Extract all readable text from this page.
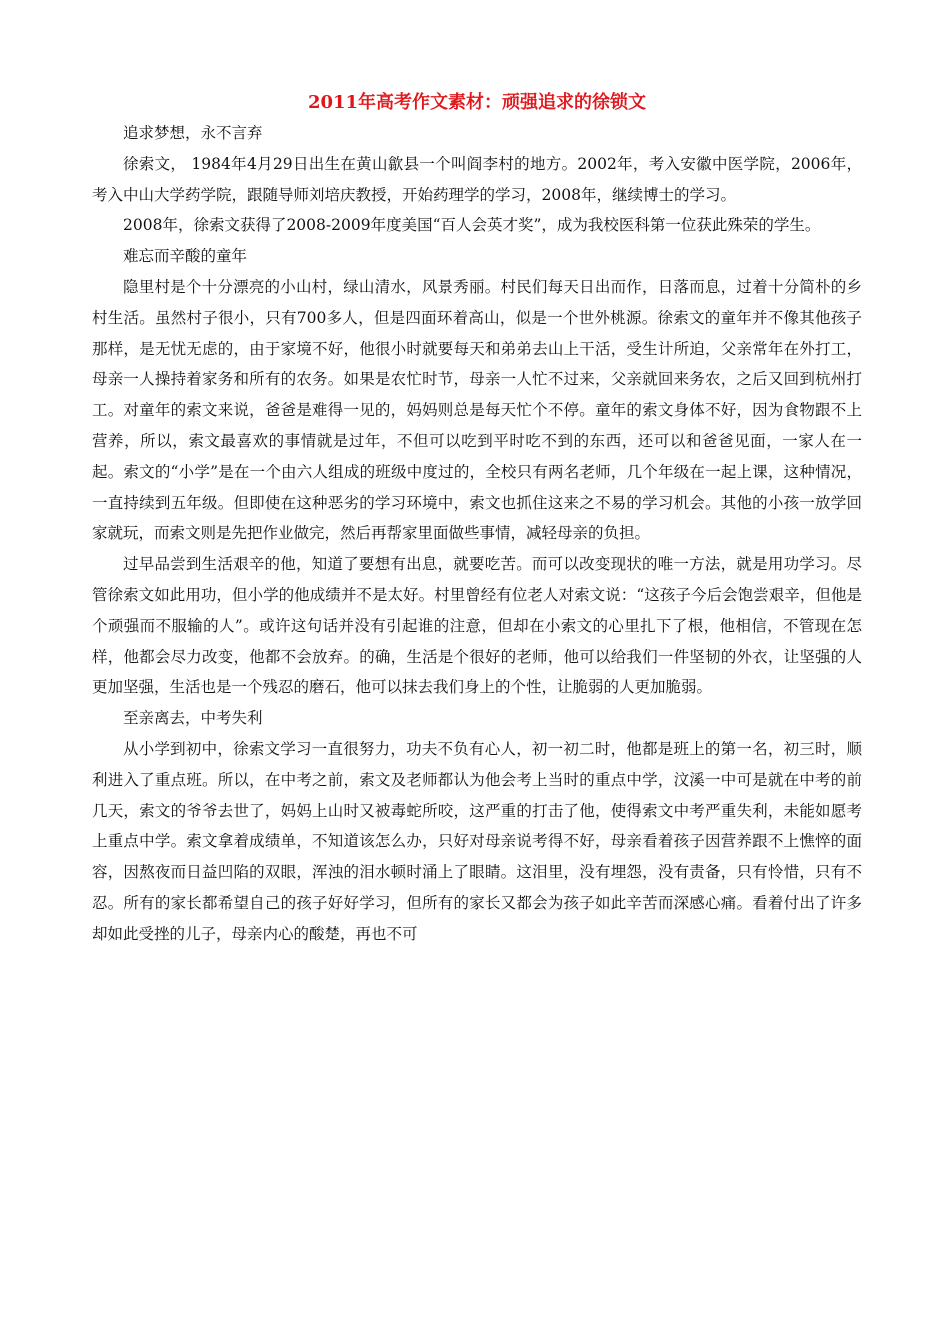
2011年高考作文素材：顽强追求的徐锁文

追求梦想，永不言弃

徐索文， 1984年4月29日出生在黄山歙县一个叫阎李村的地方。2002年，考入安徽中医学院，2006年，考入中山大学药学院，跟随导师刘培庆教授，开始药理学的学习，2008年，继续博士的学习。

2008年，徐索文获得了2008-2009年度美国“百人会英才奖”，成为我校医科第一位获此殊荣的学生。

难忘而辛酸的童年

隐里村是个十分漂亮的小山村，绿山清水，风景秀丽。村民们每天日出而作，日落而息，过着十分简朴的乡村生活。虽然村子很小，只有700多人，但是四面环着高山，似是一个世外桃源。徐索文的童年并不像其他孩子那样，是无忧无虑的，由于家境不好，他很小时就要每天和弟弟去山上干活，受生计所迫，父亲常年在外打工，母亲一人操持着家务和所有的农务。如果是农忙时节，母亲一人忙不过来，父亲就回来务农，之后又回到杭州打工。对童年的索文来说，爸爸是难得一见的，妈妈则总是每天忙个不停。童年的索文身体不好，因为食物跟不上营养，所以，索文最喜欢的事情就是过年，不但可以吃到平时吃不到的东西，还可以和爸爸见面，一家人在一起。索文的“小学”是在一个由六人组成的班级中度过的，全校只有两名老师，几个年级在一起上课，这种情况，一直持续到五年级。但即使在这种恶劣的学习环境中，索文也抓住这来之不易的学习机会。其他的小孩一放学回家就玩，而索文则是先把作业做完，然后再帮家里面做些事情，减轻母亲的负担。

过早品尝到生活艰辛的他，知道了要想有出息，就要吃苦。而可以改变现状的唯一方法，就是用功学习。尽管徐索文如此用功，但小学的他成绩并不是太好。村里曾经有位老人对索文说：“这孩子今后会饱尝艰辛，但他是个顽强而不服输的人”。或许这句话并没有引起谁的注意，但却在小索文的心里扎下了根，他相信，不管现在怎样，他都会尽力改变，他都不会放弃。的确，生活是个很好的老师，他可以给我们一件坚韧的外衣，让坚强的人更加坚强，生活也是一个残忍的磨石，他可以抹去我们身上的个性，让脆弱的人更加脆弱。

至亲离去，中考失利

从小学到初中，徐索文学习一直很努力，功夫不负有心人，初一初二时，他都是班上的第一名，初三时，顺利进入了重点班。所以，在中考之前，索文及老师都认为他会考上当时的重点中学，汶溪一中可是就在中考的前几天，索文的爷爷去世了，妈妈上山时又被毒蛇所咬，这严重的打击了他，使得索文中考严重失利，未能如愿考上重点中学。索文拿着成绩单，不知道该怎么办，只好对母亲说考得不好，母亲看着孩子因营养跟不上憔悴的面容，因熬夜而日益凹陷的双眼，浑浊的泪水顿时涌上了眼睛。这泪里，没有埋怨，没有责备，只有怜惜，只有不忍。所有的家长都希望自己的孩子好好学习，但所有的家长又都会为孩子如此辛苦而深感心痛。看着付出了许多却如此受挫的儿子，母亲内心的酸楚，再也不可
